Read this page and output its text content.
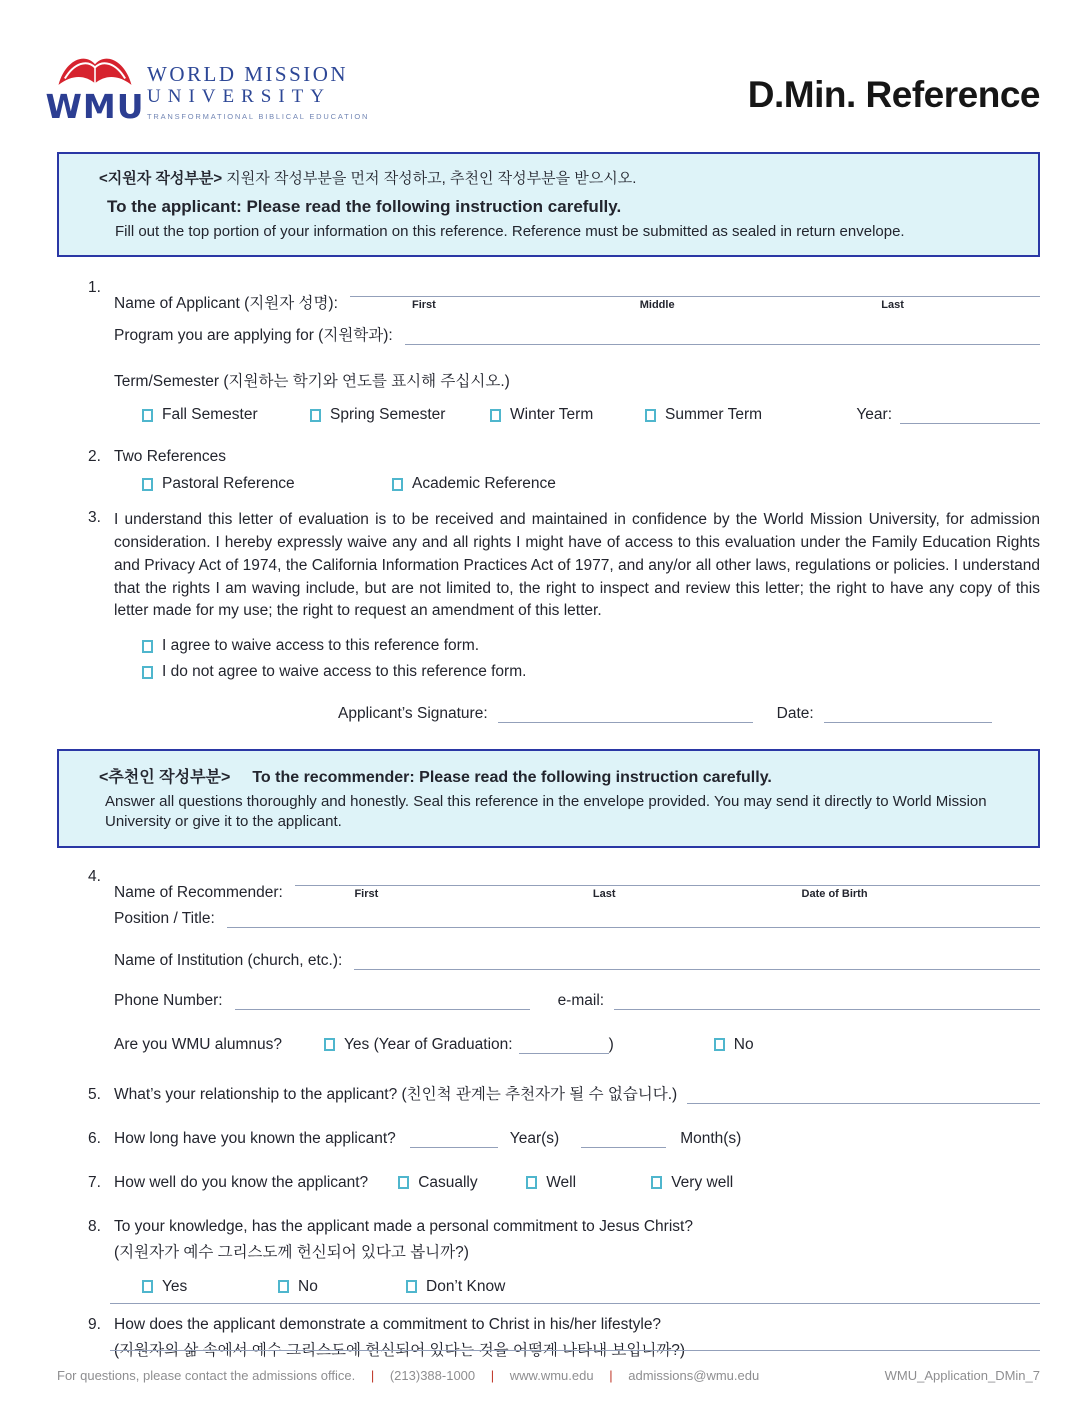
WMU
WORLD MISSION
UNIVERSITY
TRANSFORMATIONAL BIBLICAL EDUCATION
D.Min. Reference
<지원자 작성부분> 지원자 작성부분을 먼저 작성하고, 추천인 작성부분을 받으시오.
To the applicant: Please read the following instruction carefully.
Fill out the top portion of your information on this reference. Reference must be submitted as sealed in return envelope.
1.
Name of Applicant (지원자 성명):	First	Middle	Last
Program you are applying for (지원학과):
Term/Semester (지원하는 학기와 연도를 표시해 주십시오.)
Fall Semester	Spring Semester	Winter Term	Summer Term	Year:
2. Two References
Pastoral Reference	Academic Reference
3. I understand this letter of evaluation is to be received and maintained in confidence by the World Mission University, for admission consideration. I hereby expressly waive any and all rights I might have of access to this evaluation under the Family Education Rights and Privacy Act of 1974, the California Information Practices Act of 1977, and any/or all other laws, regulations or policies. I understand that the rights I am waving include, but are not limited to, the right to inspect and review this letter; the right to have any copy of this letter made for my use; the right to request an amendment of this letter.
I agree to waive access to this reference form.
I do not agree to waive access to this reference form.
Applicant’s Signature:	Date:
<추천인 작성부분> To the recommender: Please read the following instruction carefully.
Answer all questions thoroughly and honestly. Seal this reference in the envelope provided. You may send it directly to World Mission University or give it to the applicant.
4.
Name of Recommender:	First	Last	Date of Birth
Position / Title:
Name of Institution (church, etc.):
Phone Number:	e-mail:
Are you WMU alumnus?	Yes (Year of Graduation:	)	No
5. What’s your relationship to the applicant? (친인척 관계는 추천자가 될 수 없습니다.)
6. How long have you known the applicant?	Year(s)	Month(s)
7. How well do you know the applicant?	Casually	Well	Very well
8. To your knowledge, has the applicant made a personal commitment to Jesus Christ?
(지원자가 예수 그리스도께 헌신되어 있다고 봅니까?)
Yes	No	Don’t Know
9. How does the applicant demonstrate a commitment to Christ in his/her lifestyle?
(지원자의 삶 속에서 예수 그리스도에 헌신되어 있다는 것을 어떻게 나타내 보입니까?)
For questions, please contact the admissions office. | (213)388-1000 | www.wmu.edu | admissions@wmu.edu	WMU_Application_DMin_7
